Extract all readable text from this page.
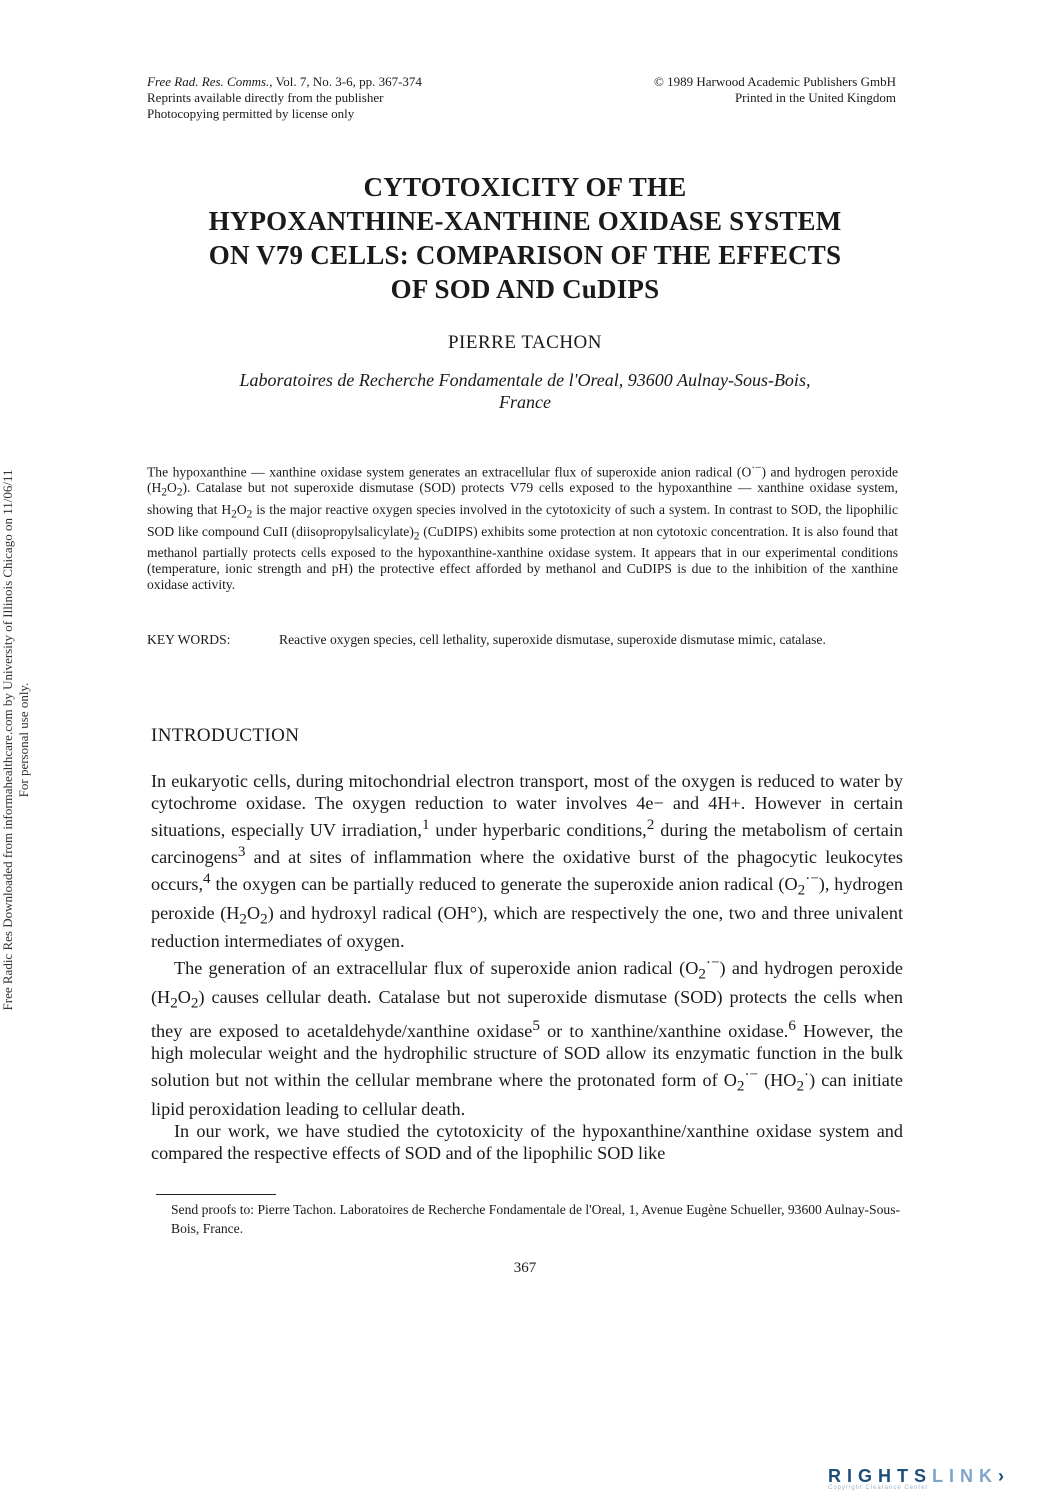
Free Rad. Res. Comms., Vol. 7, No. 3-6, pp. 367-374
Reprints available directly from the publisher
Photocopying permitted by license only
© 1989 Harwood Academic Publishers GmbH
Printed in the United Kingdom
CYTOTOXICITY OF THE
HYPOXANTHINE-XANTHINE OXIDASE SYSTEM
ON V79 CELLS: COMPARISON OF THE EFFECTS
OF SOD AND CuDIPS
PIERRE TACHON
Laboratoires de Recherche Fondamentale de l'Oreal, 93600 Aulnay-Sous-Bois,
France
The hypoxanthine — xanthine oxidase system generates an extracellular flux of superoxide anion radical (O·−) and hydrogen peroxide $(H_2O_2)$. Catalase but not superoxide dismutase (SOD) protects V79 cells exposed to the hypoxanthine — xanthine oxidase system, showing that $H_2O_2$ is the major reactive oxygen species involved in the cytotoxicity of such a system. In contrast to SOD, the lipophilic SOD like compound CuII $(diisopropylsalicylate)_2$ (CuDIPS) exhibits some protection at non cytotoxic concentration. It is also found that methanol partially protects cells exposed to the hypoxanthine-xanthine oxidase system. It appears that in our experimental conditions (temperature, ionic strength and pH) the protective effect afforded by methanol and CuDIPS is due to the inhibition of the xanthine oxidase activity.
KEY WORDS:	Reactive oxygen species, cell lethality, superoxide dismutase, superoxide dismutase mimic, catalase.
INTRODUCTION

In eukaryotic cells, during mitochondrial electron transport, most of the oxygen is reduced to water by cytochrome oxidase. The oxygen reduction to water involves 4e− and 4H+. However in certain situations, especially UV irradiation,$^1$ under hyperbaric conditions,$^2$ during the metabolism of certain carcinogens$^3$ and at sites of inflammation where the oxidative burst of the phagocytic leukocytes occurs,$^4$ the oxygen can be partially reduced to generate the superoxide anion radical $(O_2^{\cdot-})$, hydrogen peroxide $(H_2O_2)$ and hydroxyl radical (OH°), which are respectively the one, two and three univalent reduction intermediates of oxygen.

The generation of an extracellular flux of superoxide anion radical $(O_2^{\cdot-})$ and hydrogen peroxide $(H_2O_2)$ causes cellular death. Catalase but not superoxide dismutase (SOD) protects the cells when they are exposed to acetaldehyde/xanthine oxidase$^5$ or to xanthine/xanthine oxidase.$^6$ However, the high molecular weight and the hydrophilic structure of SOD allow its enzymatic function in the bulk solution but not within the cellular membrane where the protonated form of $O_2^{\cdot-}$ $(HO_2^\cdot)$ can initiate lipid peroxidation leading to cellular death.

In our work, we have studied the cytotoxicity of the hypoxanthine/xanthine oxidase system and compared the respective effects of SOD and of the lipophilic SOD like

Send proofs to: Pierre Tachon. Laboratoires de Recherche Fondamentale de l'Oreal, 1, Avenue Eugène Schueller, 93600 Aulnay-Sous-Bois, France.
367
Free Radic Res Downloaded from informahealthcare.com by University of Illinois Chicago on 11/06/11 For personal use only.
RIGHTSLINK›
Copyright Clearance Center
